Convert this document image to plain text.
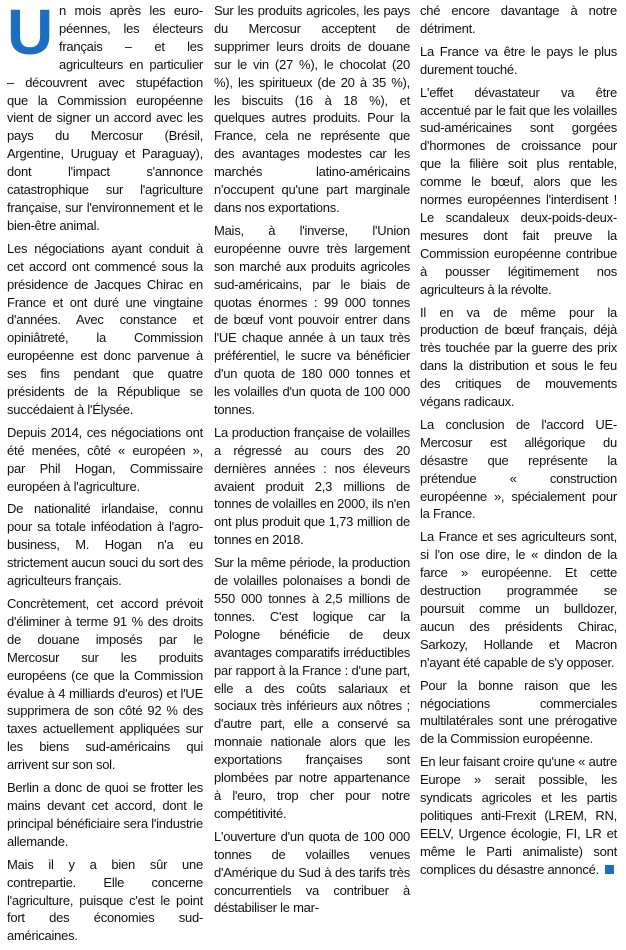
Un mois après les euro-péennes, les électeurs français – et les agriculteurs en particulier – découvrent avec stupéfaction que la Commission européenne vient de signer un accord avec les pays du Mercosur (Brésil, Argentine, Uruguay et Paraguay), dont l'impact s'annonce catastrophique sur l'agriculture française, sur l'environnement et le bien-être animal.

Les négociations ayant conduit à cet accord ont commencé sous la présidence de Jacques Chirac en France et ont duré une vingtaine d'années. Avec constance et opiniâtreté, la Commission européenne est donc parvenue à ses fins pendant que quatre présidents de la République se succédaient à l'Élysée.

Depuis 2014, ces négociations ont été menées, côté « européen », par Phil Hogan, Commissaire européen à l'agriculture.

De nationalité irlandaise, connu pour sa totale inféodation à l'agro-business, M. Hogan n'a eu strictement aucun souci du sort des agriculteurs français.

Concrètement, cet accord prévoit d'éliminer à terme 91 % des droits de douane imposés par le Mercosur sur les produits européens (ce que la Commission évalue à 4 milliards d'euros) et l'UE supprimera de son côté 92 % des taxes actuellement appliquées sur les biens sud-américains qui arrivent sur son sol.

Berlin a donc de quoi se frotter les mains devant cet accord, dont le principal bénéficiaire sera l'industrie allemande.

Mais il y a bien sûr une contrepartie. Elle concerne l'agriculture, puisque c'est le point fort des économies sud-américaines.

Sur les produits agricoles, les pays du Mercosur acceptent de supprimer leurs droits de douane sur le vin (27 %), le chocolat (20 %), les spiritueux (de 20 à 35 %), les biscuits (16 à 18 %), et quelques autres produits. Pour la France, cela ne représente que des avantages modestes car les marchés latino-américains n'occupent qu'une part marginale dans nos exportations.

Mais, à l'inverse, l'Union européenne ouvre très largement son marché aux produits agricoles sud-américains, par le biais de quotas énormes : 99 000 tonnes de bœuf vont pouvoir entrer dans l'UE chaque année à un taux très préférentiel, le sucre va bénéficier d'un quota de 180 000 tonnes et les volailles d'un quota de 100 000 tonnes.

La production française de volailles a régressé au cours des 20 dernières années : nos éleveurs avaient produit 2,3 millions de tonnes de volailles en 2000, ils n'en ont plus produit que 1,73 million de tonnes en 2018.

Sur la même période, la production de volailles polonaises a bondi de 550 000 tonnes à 2,5 millions de tonnes. C'est logique car la Pologne bénéficie de deux avantages comparatifs irréductibles par rapport à la France : d'une part, elle a des coûts salariaux et sociaux très inférieurs aux nôtres ; d'autre part, elle a conservé sa monnaie nationale alors que les exportations françaises sont plombées par notre appartenance à l'euro, trop cher pour notre compétitivité.

L'ouverture d'un quota de 100 000 tonnes de volailles venues d'Amérique du Sud à des tarifs très concurrentiels va contribuer à déstabiliser le mar-

ché encore davantage à notre détriment.

La France va être le pays le plus durement touché.

L'effet dévastateur va être accentué par le fait que les volailles sud-américaines sont gorgées d'hormones de croissance pour que la filière soit plus rentable, comme le bœuf, alors que les normes européennes l'interdisent ! Le scandaleux deux-poids-deux-mesures dont fait preuve la Commission européenne contribue à pousser légitimement nos agriculteurs à la révolte.

Il en va de même pour la production de bœuf français, déjà très touchée par la guerre des prix dans la distribution et sous le feu des critiques de mouvements végans radicaux.

La conclusion de l'accord UE-Mercosur est allégorique du désastre que représente la prétendue « construction européenne », spécialement pour la France.

La France et ses agriculteurs sont, si l'on ose dire, le « dindon de la farce » européenne. Et cette destruction programmée se poursuit comme un bulldozer, aucun des présidents Chirac, Sarkozy, Hollande et Macron n'ayant été capable de s'y opposer.

Pour la bonne raison que les négociations commerciales multilatérales sont une prérogative de la Commission européenne.

En leur faisant croire qu'une « autre Europe » serait possible, les syndicats agricoles et les partis politiques anti-Frexit (LREM, RN, EELV, Urgence écologie, FI, LR et même le Parti animaliste) sont complices du désastre annoncé.
